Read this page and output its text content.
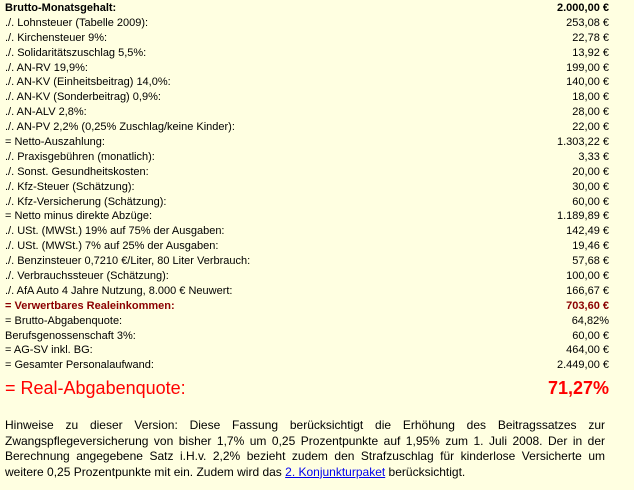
Brutto-Monatsgehalt:	2.000,00 €
./. Lohnsteuer (Tabelle 2009):	253,08 €
./. Kirchensteuer 9%:	22,78 €
./. Solidaritätszuschlag 5,5%:	13,92 €
./. AN-RV 19,9%:	199,00 €
./. AN-KV (Einheitsbeitrag) 14,0%:	140,00 €
./. AN-KV (Sonderbeitrag) 0,9%:	18,00 €
./. AN-ALV 2,8%:	28,00 €
./. AN-PV 2,2% (0,25% Zuschlag/keine Kinder):	22,00 €
= Netto-Auszahlung:	1.303,22 €
./. Praxisgebühren (monatlich):	3,33 €
./. Sonst. Gesundheitskosten:	20,00 €
./. Kfz-Steuer (Schätzung):	30,00 €
./. Kfz-Versicherung (Schätzung):	60,00 €
= Netto minus direkte Abzüge:	1.189,89 €
./. USt. (MWSt.) 19% auf 75% der Ausgaben:	142,49 €
./. USt. (MWSt.) 7% auf 25% der Ausgaben:	19,46 €
./. Benzinsteuer 0,7210 €/Liter, 80 Liter Verbrauch:	57,68 €
./. Verbrauchssteuer (Schätzung):	100,00 €
./. AfA Auto 4 Jahre Nutzung, 8.000 € Neuwert:	166,67 €
= Verwertbares Realeinkommen:	703,60 €
= Brutto-Abgabenquote:	64,82%
Berufsgenossenschaft 3%:	60,00 €
= AG-SV inkl. BG:	464,00 €
= Gesamter Personalaufwand:	2.449,00 €
= Real-Abgabenquote:	71,27%
Hinweise zu dieser Version: Diese Fassung berücksichtigt die Erhöhung des Beitragssatzes zur Zwangspflegeversicherung von bisher 1,7% um 0,25 Prozentpunkte auf 1,95% zum 1. Juli 2008. Der in der Berechnung angegebene Satz i.H.v. 2,2% bezieht zudem den Strafzuschlag für kinderlose Versicherte um weitere 0,25 Prozentpunkte mit ein. Zudem wird das 2. Konjunkturpaket berücksichtigt.
